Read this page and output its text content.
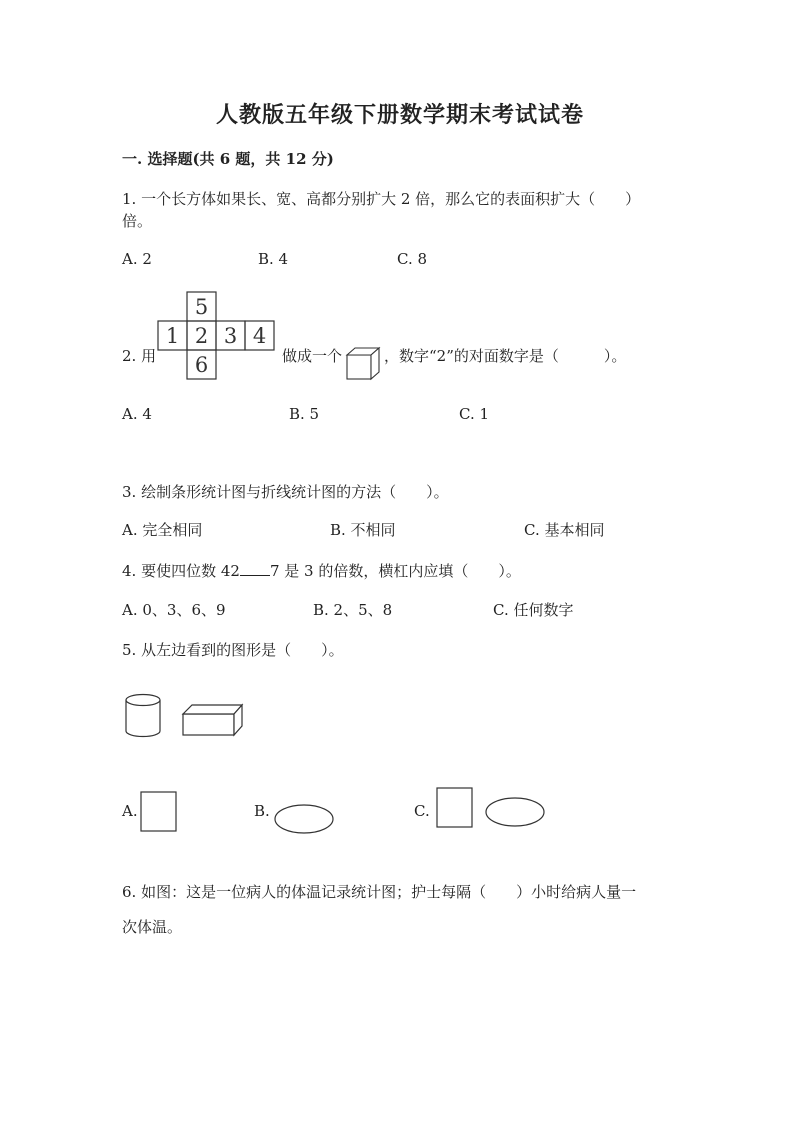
人教版五年级下册数学期末考试试卷
一. 选择题(共 6 题，共 12 分)
1. 一个长方体如果长、宽、高都分别扩大 2 倍，那么它的表面积扩大（　　）
倍。
A. 2	B. 4	C. 8
2. 用
5
1 2 3 4
6	做成一个	，数字“2”的对面数字是（　　　）。
A. 4	B. 5	C. 1
3. 绘制条形统计图与折线统计图的方法（　　）。
A. 完全相同	B. 不相同	C. 基本相同
4. 要使四位数 42 7 是 3 的倍数，横杠内应填（　　）。
A. 0、3、6、9	B. 2、5、8	C. 任何数字
5. 从左边看到的图形是（　　）。
A.	B.	C.
6. 如图：这是一位病人的体温记录统计图；护士每隔（　　）小时给病人量一
次体温。
